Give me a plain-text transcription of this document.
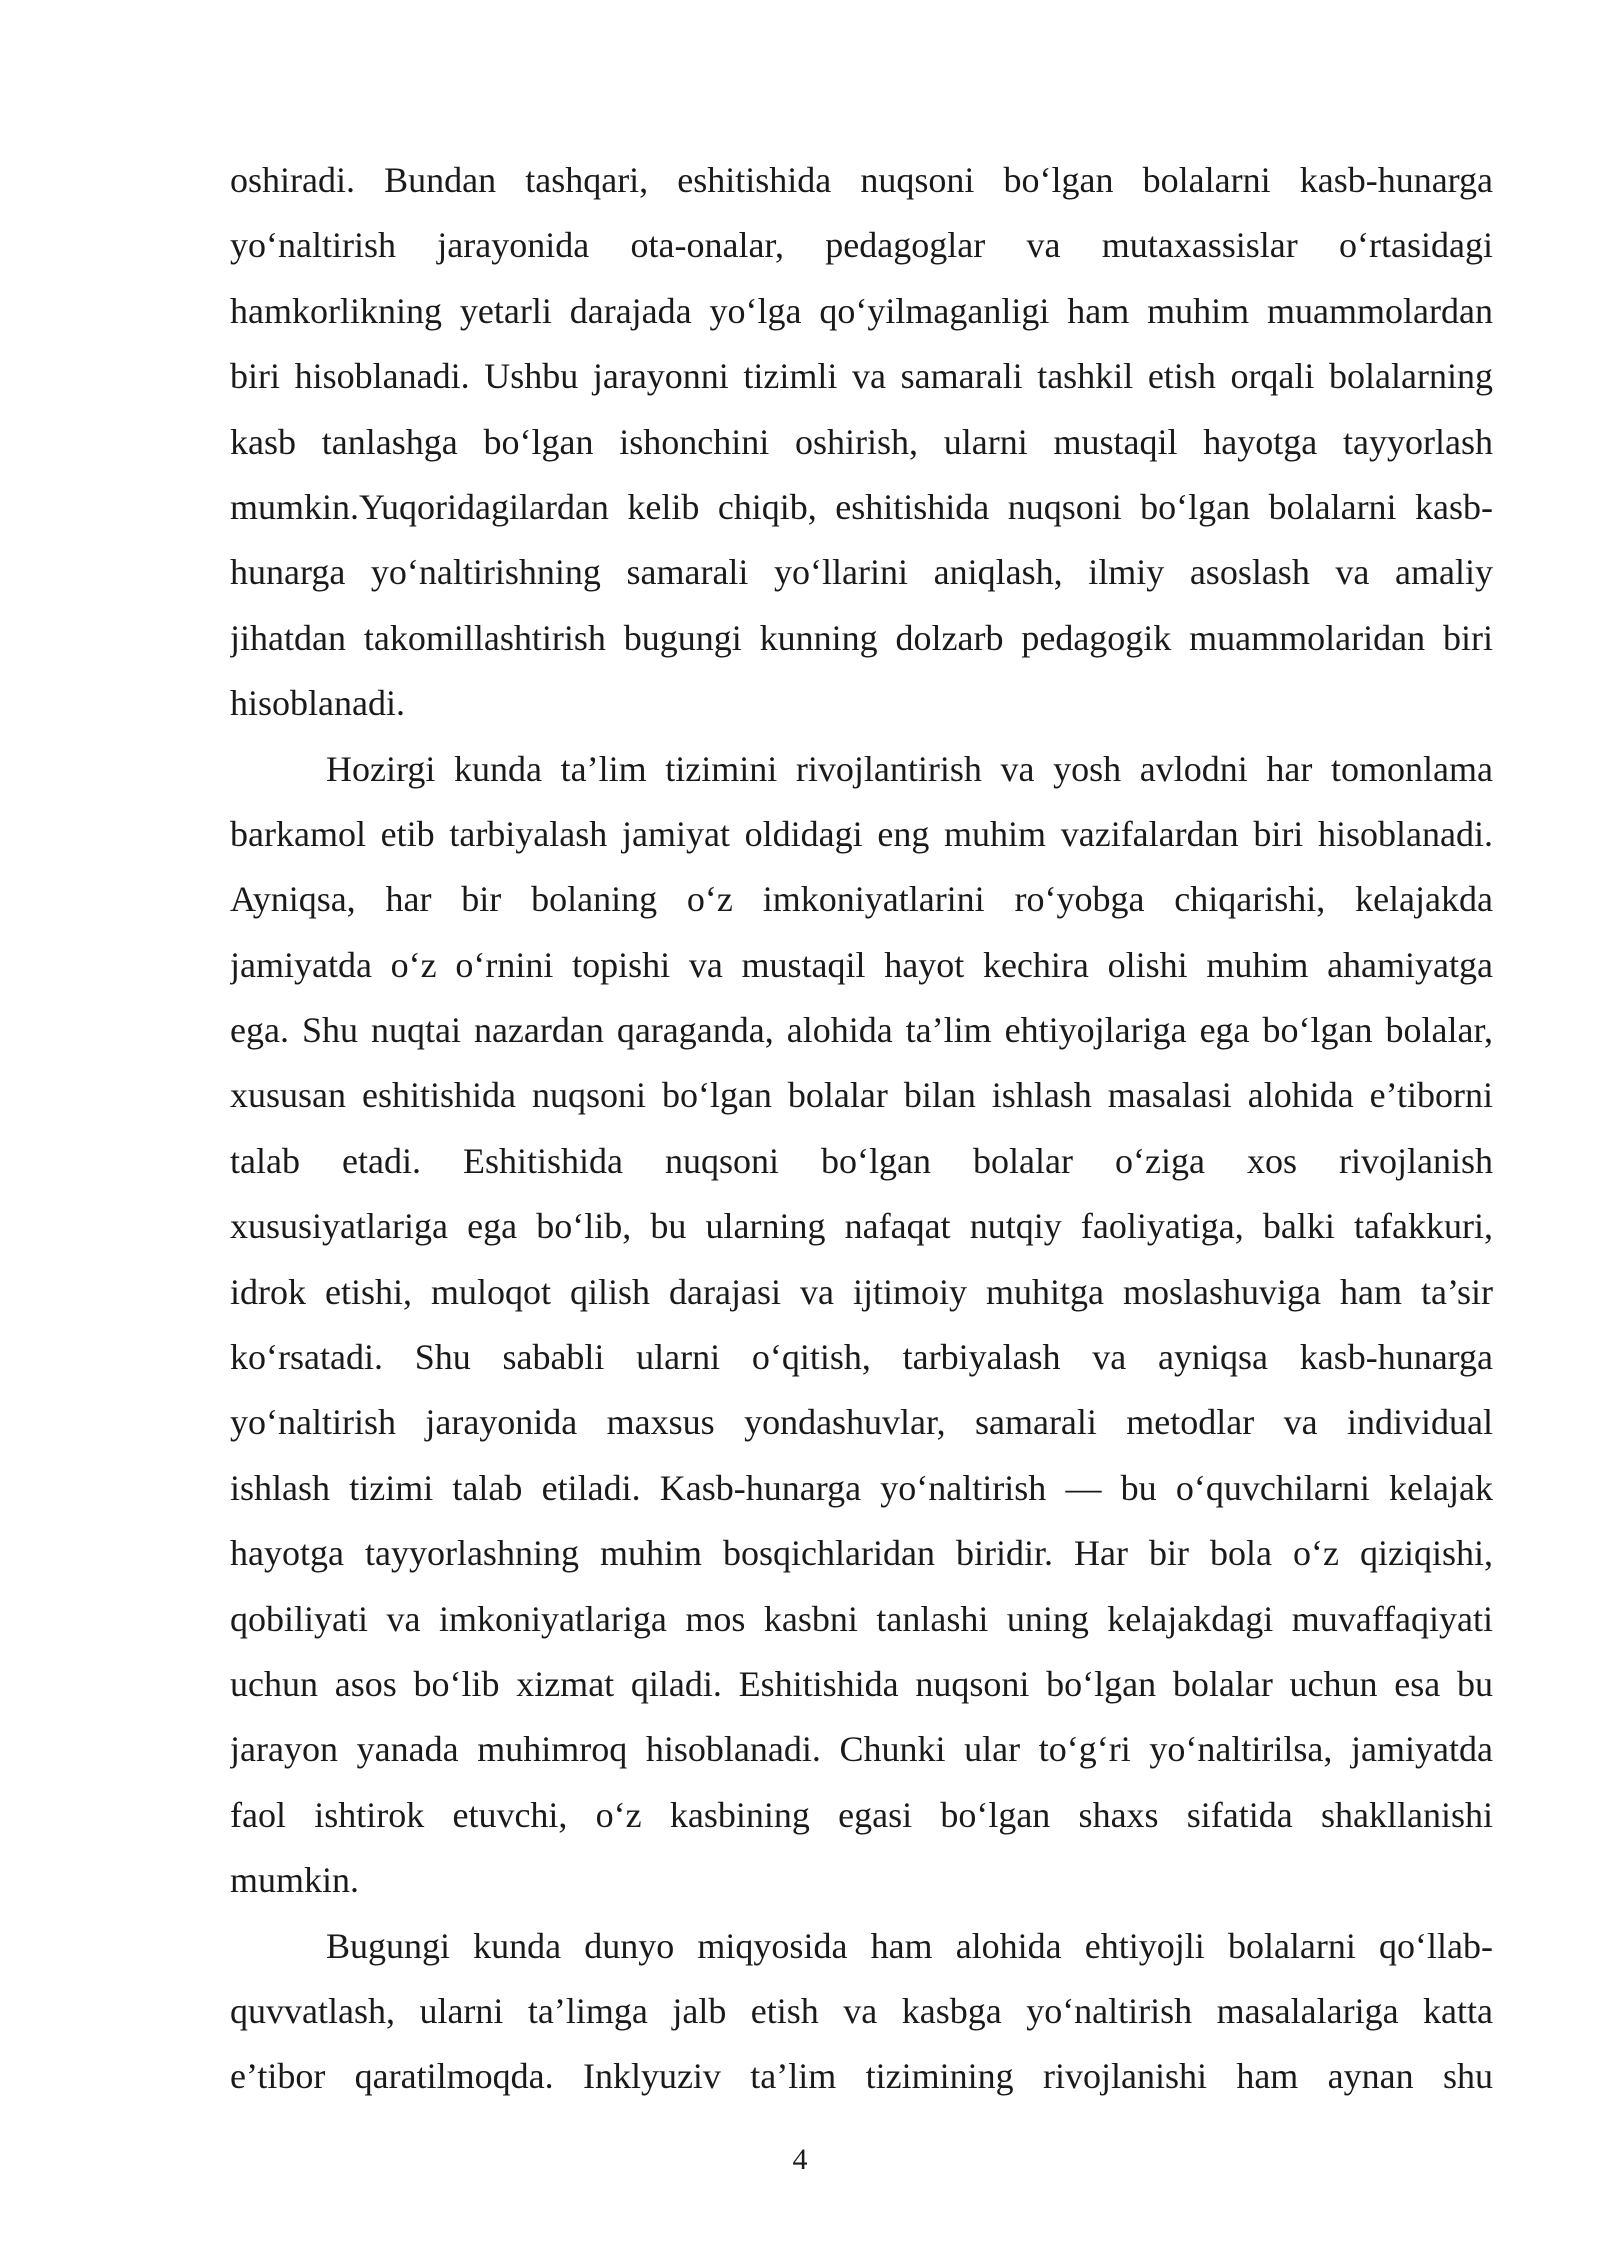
oshiradi. Bundan tashqari, eshitishida nuqsoni bo‘lgan bolalarni kasb-hunarga
yo‘naltirish jarayonida ota-onalar, pedagoglar va mutaxassislar o‘rtasidagi
hamkorlikning yetarli darajada yo‘lga qo‘yilmaganligi ham muhim muammolardan
biri hisoblanadi. Ushbu jarayonni tizimli va samarali tashkil etish orqali bolalarning
kasb tanlashga bo‘lgan ishonchini oshirish, ularni mustaqil hayotga tayyorlash
mumkin.Yuqoridagilardan kelib chiqib, eshitishida nuqsoni bo‘lgan bolalarni kasb-
hunarga yo‘naltirishning samarali yo‘llarini aniqlash, ilmiy asoslash va amaliy
jihatdan takomillashtirish bugungi kunning dolzarb pedagogik muammolaridan biri
hisoblanadi.
Hozirgi kunda ta’lim tizimini rivojlantirish va yosh avlodni har tomonlama
barkamol etib tarbiyalash jamiyat oldidagi eng muhim vazifalardan biri hisoblanadi.
Ayniqsa, har bir bolaning o‘z imkoniyatlarini ro‘yobga chiqarishi, kelajakda
jamiyatda o‘z o‘rnini topishi va mustaqil hayot kechira olishi muhim ahamiyatga
ega. Shu nuqtai nazardan qaraganda, alohida ta’lim ehtiyojlariga ega bo‘lgan bolalar,
xususan eshitishida nuqsoni bo‘lgan bolalar bilan ishlash masalasi alohida e’tiborni
talab etadi. Eshitishida nuqsoni bo‘lgan bolalar o‘ziga xos rivojlanish
xususiyatlariga ega bo‘lib, bu ularning nafaqat nutqiy faoliyatiga, balki tafakkuri,
idrok etishi, muloqot qilish darajasi va ijtimoiy muhitga moslashuviga ham ta’sir
ko‘rsatadi. Shu sababli ularni o‘qitish, tarbiyalash va ayniqsa kasb-hunarga
yo‘naltirish jarayonida maxsus yondashuvlar, samarali metodlar va individual
ishlash tizimi talab etiladi. Kasb-hunarga yo‘naltirish — bu o‘quvchilarni kelajak
hayotga tayyorlashning muhim bosqichlaridan biridir. Har bir bola o‘z qiziqishi,
qobiliyati va imkoniyatlariga mos kasbni tanlashi uning kelajakdagi muvaffaqiyati
uchun asos bo‘lib xizmat qiladi. Eshitishida nuqsoni bo‘lgan bolalar uchun esa bu
jarayon yanada muhimroq hisoblanadi. Chunki ular to‘g‘ri yo‘naltirilsa, jamiyatda
faol ishtirok etuvchi, o‘z kasbining egasi bo‘lgan shaxs sifatida shakllanishi
mumkin.
Bugungi kunda dunyo miqyosida ham alohida ehtiyojli bolalarni qo‘llab-
quvvatlash, ularni ta’limga jalb etish va kasbga yo‘naltirish masalalariga katta
e’tibor qaratilmoqda. Inklyuziv ta’lim tizimining rivojlanishi ham aynan shu
4
